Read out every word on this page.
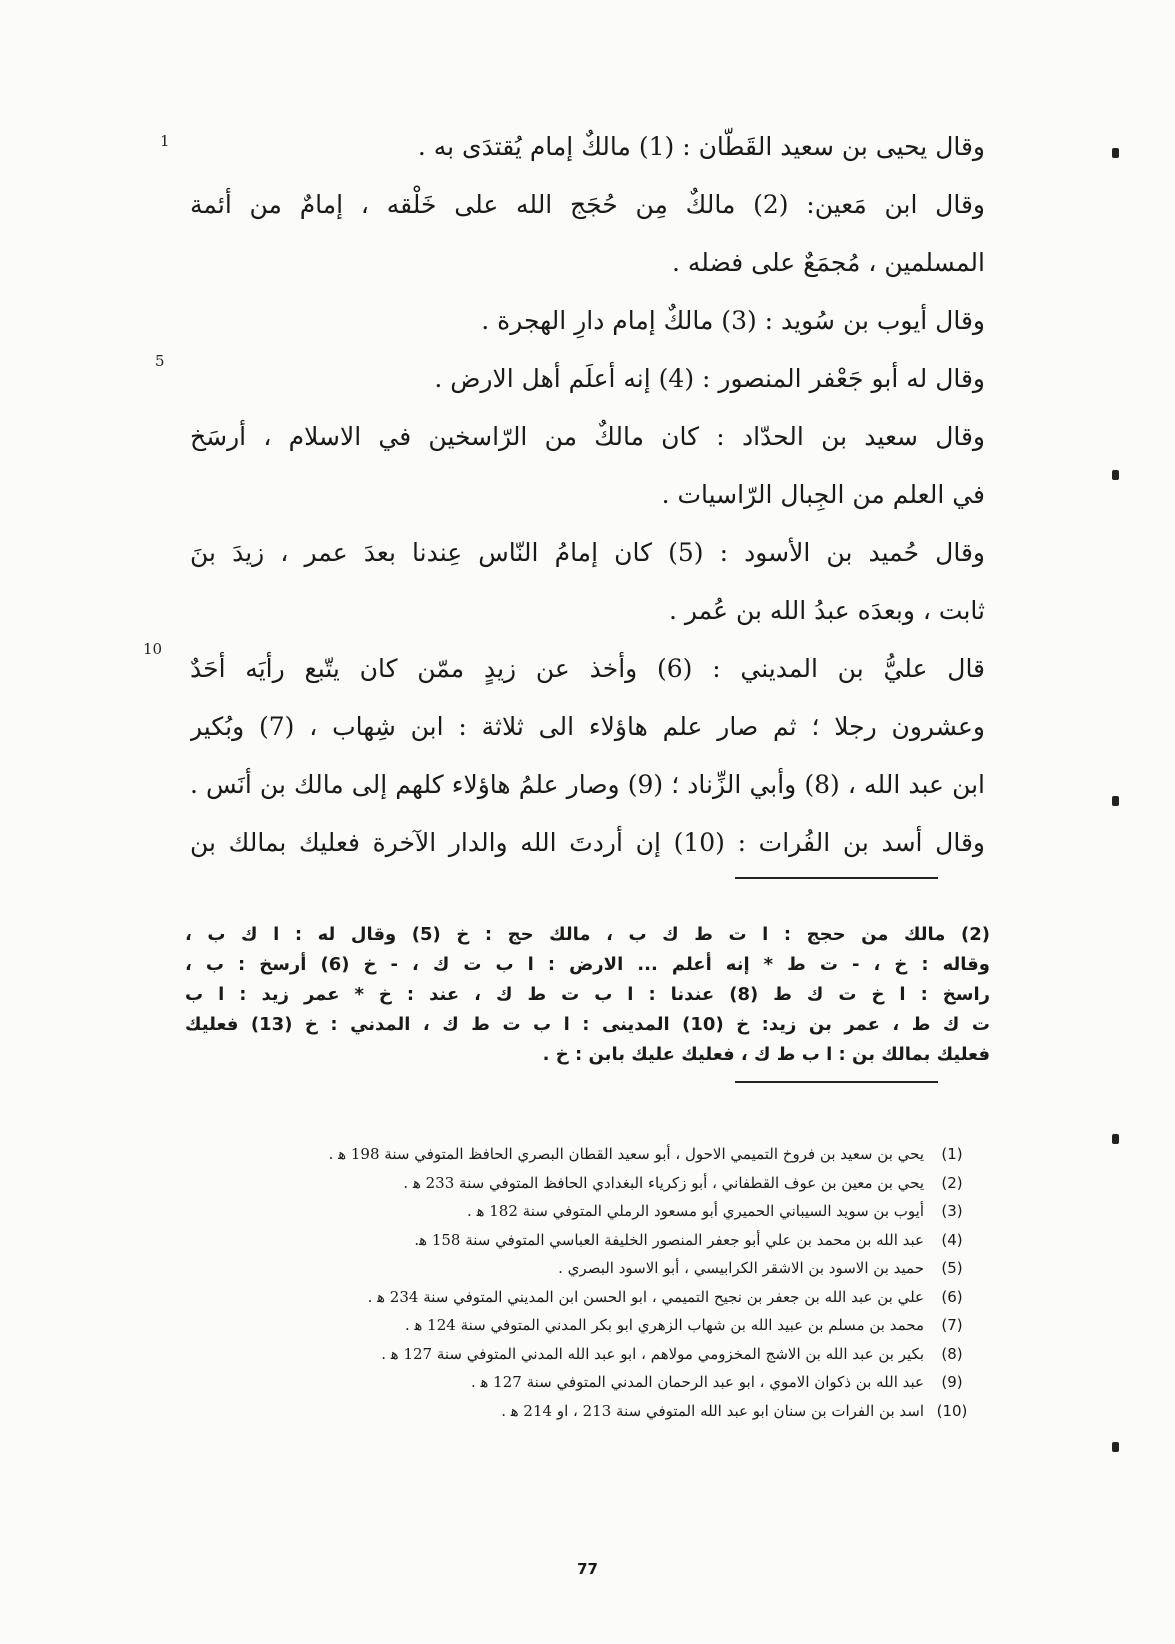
وقال يحيى بن سعيد القَطّان : (1) مالكٌ إمام يُقتدَى به .
وقال ابن مَعين: (2) مالكٌ مِن حُجَج الله على خَلْقه ، إمامٌ من أئمة
المسلمين ، مُجمَعٌ على فضله .
وقال أيوب بن سُويد : (3) مالكٌ إمام دارِ الهجرة .
وقال له أبو جَعْفر المنصور : (4) إنه أعلَم أهل الارض .
وقال سعيد بن الحدّاد : كان مالكٌ من الرّاسخين في الاسلام ، أرسَخ
في العلم من الجِبال الرّاسيات .
وقال حُميد بن الأسود : (5) كان إمامُ النّاس عِندنا بعدَ عمر ، زيدَ بنَ
ثابت ، وبعدَه عبدُ الله بن عُمر .
قال عليُّ بن المديني : (6) وأخذ عن زيدٍ ممّن كان يتّبع رأيَه أحَدٌ
وعشرون رجلا ؛ ثم صار علم هاؤلاء الى ثلاثة : ابن شِهاب ، (7) وبُكير
ابن عبد الله ، (8) وأبي الزِّناد ؛ (9) وصار علمُ هاؤلاء كلهم إلى مالك بن أنَس .
وقال أسد بن الفُرات : (10) إن أردتَ الله والدار الآخرة فعليك بمالك بن
1
5
10
(2) مالك من حجج : ا ت ط ك ب ، مالك حج : خ (5) وقال له : ا ك ب ،
وقاله : خ ، - ت ط * إنه أعلم ... الارض : ا ب ت ك ، - خ (6) أرسخ : ب ،
راسخ : ا خ ت ك ط (8) عندنا : ا ب ت ط ك ، عند : خ * عمر زيد : ا ب
ت ك ط ، عمر بن زيد: خ (10) المدينى : ا ب ت ط ك ، المدني : خ (13) فعليك
فعليك بمالك بن : ا ب ط ك ، فعليك عليك بابن : خ .
(1)
يحي بن سعيد بن فروخ التميمي الاحول ، أبو سعيد القطان البصري الحافظ المتوفي سنة 198 ﻫ .
(2)
يحي بن معين بن عوف القطفاني ، أبو زكرياء البغدادي الحافظ المتوفي سنة 233 ﻫ .
(3)
أيوب بن سويد السيباني الحميري أبو مسعود الرملي المتوفي سنة 182 ﻫ .
(4)
عبد الله بن محمد بن علي أبو جعفر المنصور الخليفة العباسي المتوفي سنة 158 ﻫ.
(5)
حميد بن الاسود بن الاشقر الكرابيسي ، أبو الاسود البصري .
(6)
علي بن عبد الله بن جعفر بن نجيح التميمي ، ابو الحسن ابن المديني المتوفي سنة 234 ﻫ .
(7)
محمد بن مسلم بن عبيد الله بن شهاب الزهري ابو بكر المدني المتوفي سنة 124 ﻫ .
(8)
بكير بن عبد الله بن الاشج المخزومي مولاهم ، ابو عبد الله المدني المتوفي سنة 127 ﻫ .
(9)
عبد الله بن ذكوان الاموي ، ابو عبد الرحمان المدني المتوفي سنة 127 ﻫ .
(10)
اسد بن الفرات بن سنان ابو عبد الله المتوفي سنة 213 ، او 214 ﻫ .
77
